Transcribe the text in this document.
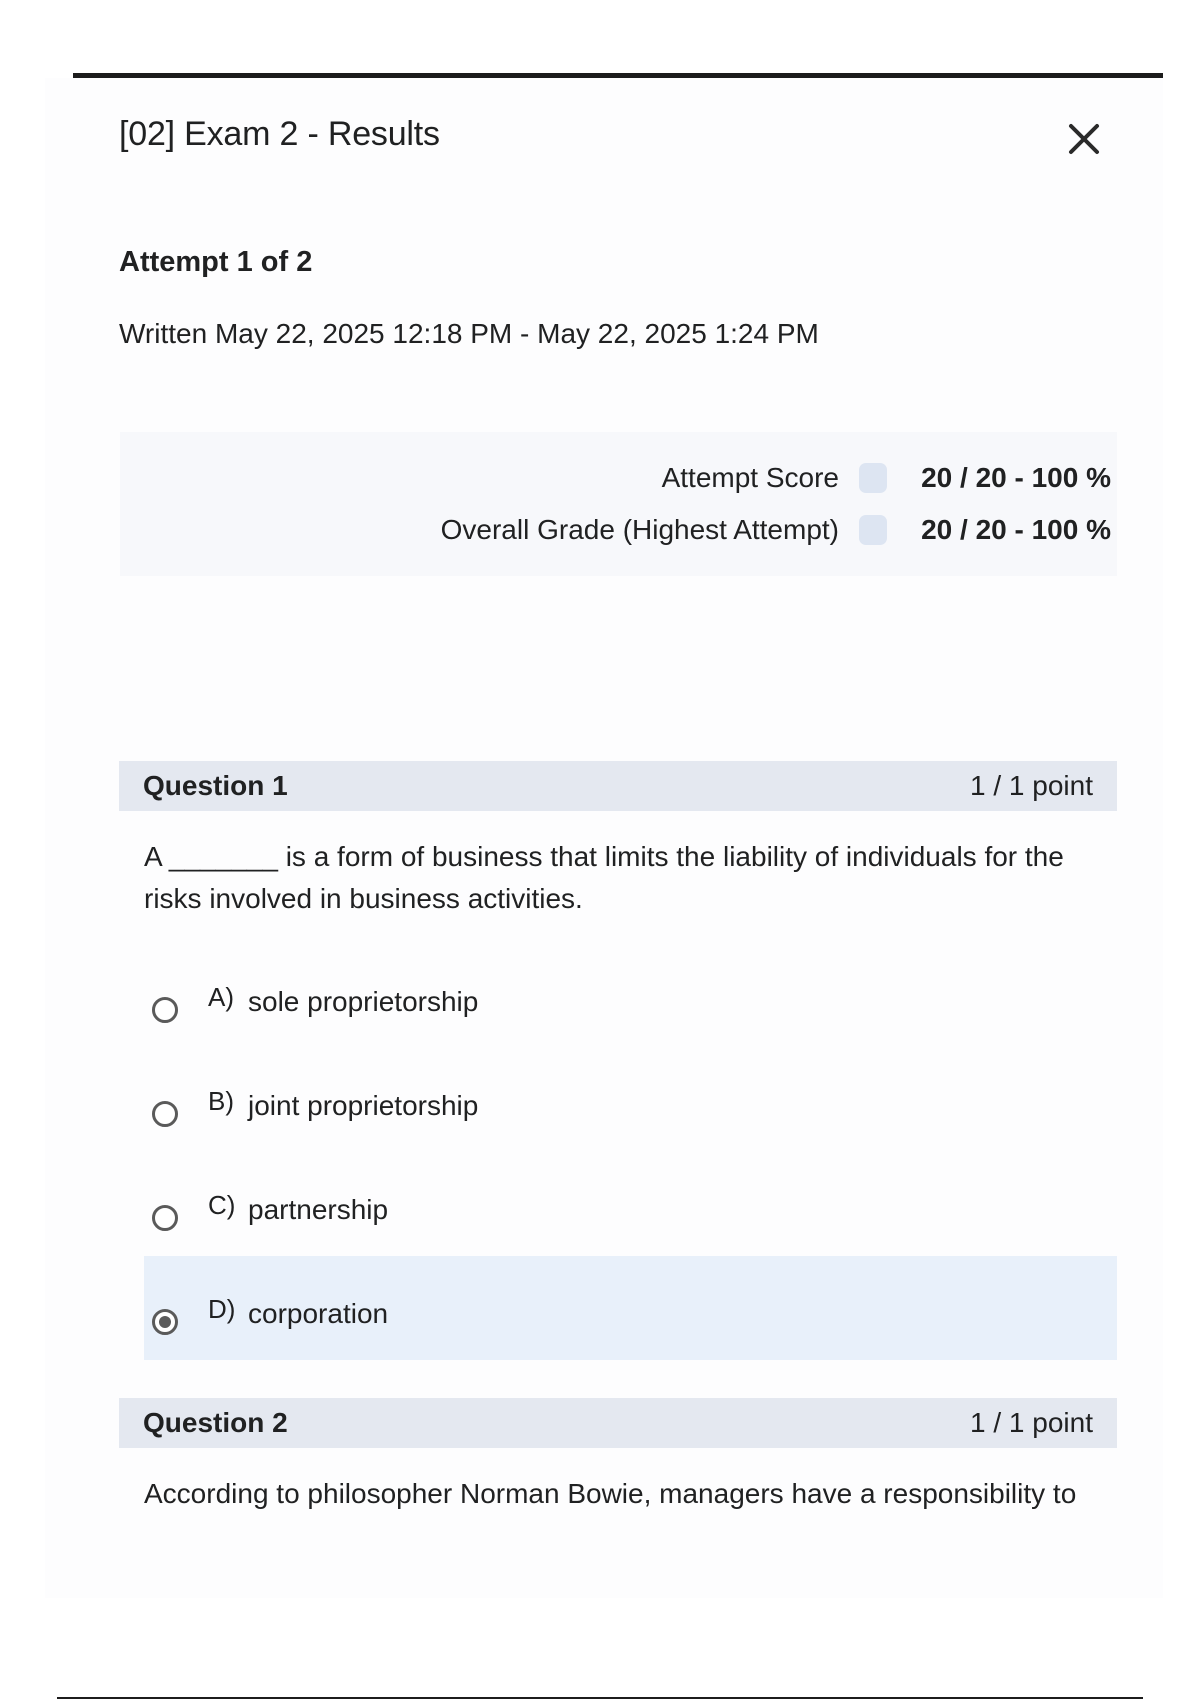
[02] Exam 2 - Results
Attempt 1 of 2
Written May 22, 2025 12:18 PM - May 22, 2025 1:24 PM
Attempt Score	20 / 20 - 100 %
Overall Grade (Highest Attempt)	20 / 20 - 100 %
Question 1	1 / 1 point
A _______ is a form of business that limits the liability of individuals for the risks involved in business activities.
A) sole proprietorship
B) joint proprietorship
C) partnership
D) corporation
Question 2	1 / 1 point
According to philosopher Norman Bowie, managers have a responsibility to
